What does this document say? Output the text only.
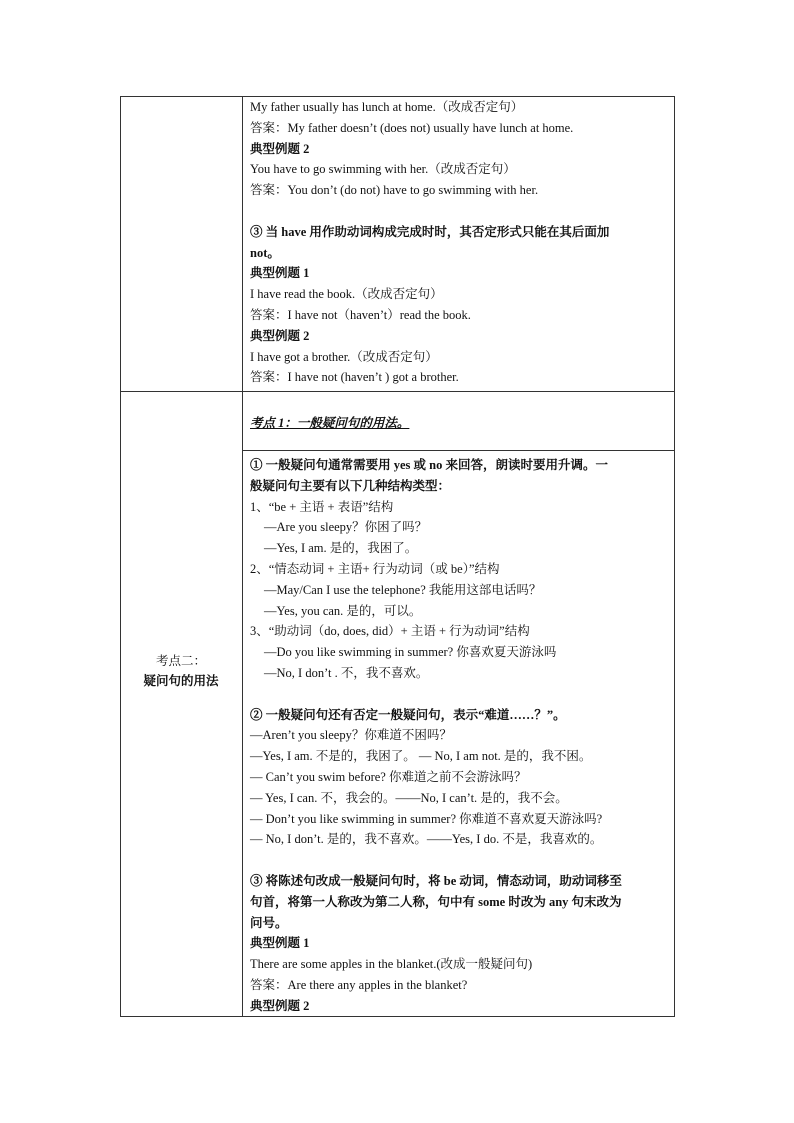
My father usually has lunch at home.（改成否定句）
答案：My father doesn’t (does not) usually have lunch at home.
典型例题 2
You have to go swimming with her.（改成否定句）
答案：You don’t (do not) have to go swimming with her.
③ 当 have 用作助动词构成完成时时，其否定形式只能在其后面加
not。
典型例题 1
I have read the book.（改成否定句）
答案：I have not（haven’t）read the book.
典型例题 2
I have got a brother.（改成否定句）
答案：I have not (haven’t ) got a brother.
考点二：
疑问句的用法
考点 1：一般疑问句的用法。
① 一般疑问句通常需要用 yes 或 no 来回答，朗读时要用升调。一
般疑问句主要有以下几种结构类型：
1、“be + 主语 + 表语”结构
—Are you sleepy？你困了吗？
—Yes, I am. 是的，我困了。
2、“情态动词 + 主语+ 行为动词（或 be）”结构
—May/Can I use the telephone? 我能用这部电话吗？
—Yes, you can. 是的，可以。
3、“助动词（do, does, did）+ 主语 + 行为动词”结构
—Do you like swimming in summer? 你喜欢夏天游泳吗
—No, I don’t . 不，我不喜欢。
② 一般疑问句还有否定一般疑问句，表示“难道……？”。
—Aren’t you sleepy？你难道不困吗？
—Yes, I am. 不是的，我困了。 — No, I am not. 是的，我不困。
— Can’t you swim before? 你难道之前不会游泳吗？
— Yes, I can. 不，我会的。——No, I can’t. 是的，我不会。
— Don’t you like swimming in summer? 你难道不喜欢夏天游泳吗?
— No, I don’t. 是的，我不喜欢。——Yes, I do. 不是，我喜欢的。
③ 将陈述句改成一般疑问句时，将 be 动词，情态动词，助动词移至
句首，将第一人称改为第二人称，句中有 some 时改为 any 句末改为
问号。
典型例题 1
There are some apples in the blanket.(改成一般疑问句)
答案：Are there any apples in the blanket?
典型例题 2
